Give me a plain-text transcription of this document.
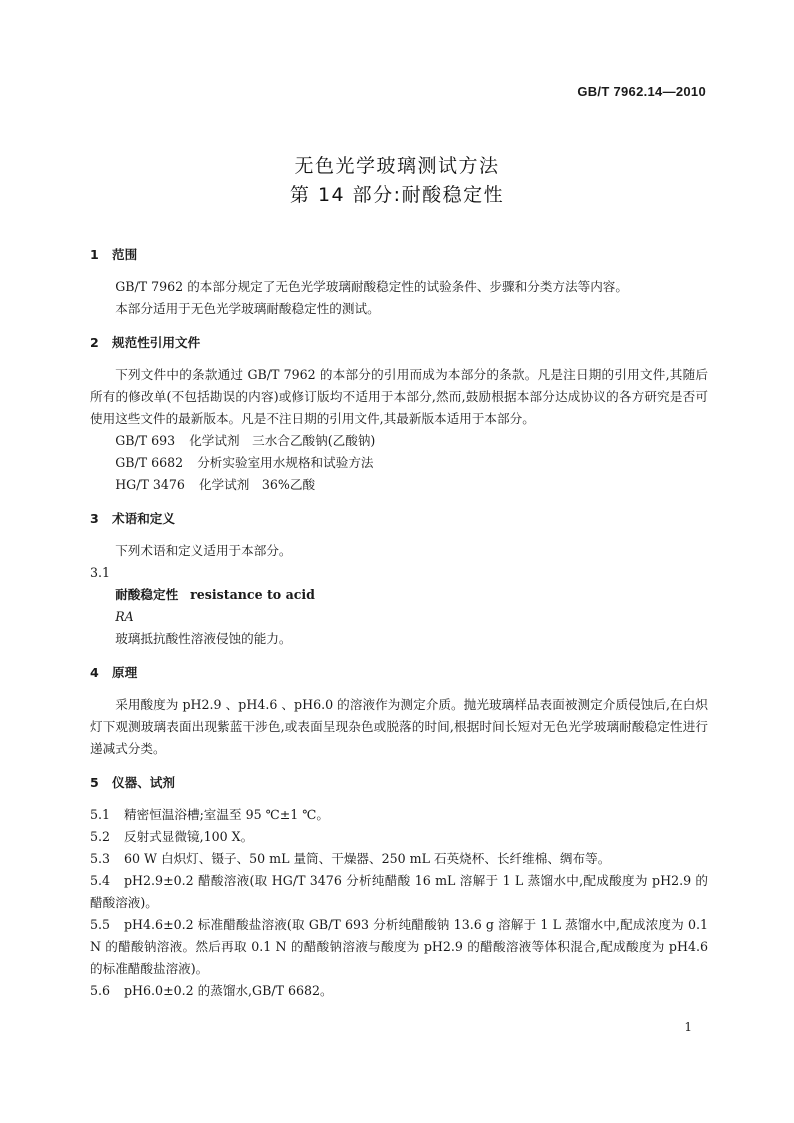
GB/T 7962.14—2010
无色光学玻璃测试方法
第 14 部分:耐酸稳定性
1 范围

GB/T 7962 的本部分规定了无色光学玻璃耐酸稳定性的试验条件、步骤和分类方法等内容。

本部分适用于无色光学玻璃耐酸稳定性的测试。

2 规范性引用文件

下列文件中的条款通过 GB/T 7962 的本部分的引用而成为本部分的条款。凡是注日期的引用文件,其随后所有的修改单(不包括勘误的内容)或修订版均不适用于本部分,然而,鼓励根据本部分达成协议的各方研究是否可使用这些文件的最新版本。凡是不注日期的引用文件,其最新版本适用于本部分。

GB/T 693 化学试剂　三水合乙酸钠(乙酸钠)

GB/T 6682 分析实验室用水规格和试验方法

HG/T 3476 化学试剂　36%乙酸

3 术语和定义

下列术语和定义适用于本部分。

3.1

耐酸稳定性 resistance to acid

RA

玻璃抵抗酸性溶液侵蚀的能力。

4 原理

采用酸度为 pH2.9 、pH4.6 、pH6.0 的溶液作为测定介质。抛光玻璃样品表面被测定介质侵蚀后,在白炽灯下观测玻璃表面出现紫蓝干涉色,或表面呈现杂色或脱落的时间,根据时间长短对无色光学玻璃耐酸稳定性进行递减式分类。

5 仪器、试剂

5.1 精密恒温浴槽;室温至 95 ℃±1 ℃。

5.2 反射式显微镜,100 X。

5.3 60 W 白炽灯、镊子、50 mL 量筒、干燥器、250 mL 石英烧杯、长纤维棉、绸布等。

5.4 pH2.9±0.2 醋酸溶液(取 HG/T 3476 分析纯醋酸 16 mL 溶解于 1 L 蒸馏水中,配成酸度为 pH2.9 的醋酸溶液)。

5.5 pH4.6±0.2 标准醋酸盐溶液(取 GB/T 693 分析纯醋酸钠 13.6 g 溶解于 1 L 蒸馏水中,配成浓度为 0.1 N 的醋酸钠溶液。然后再取 0.1 N 的醋酸钠溶液与酸度为 pH2.9 的醋酸溶液等体积混合,配成酸度为 pH4.6 的标准醋酸盐溶液)。

5.6 pH6.0±0.2 的蒸馏水,GB/T 6682。

1
